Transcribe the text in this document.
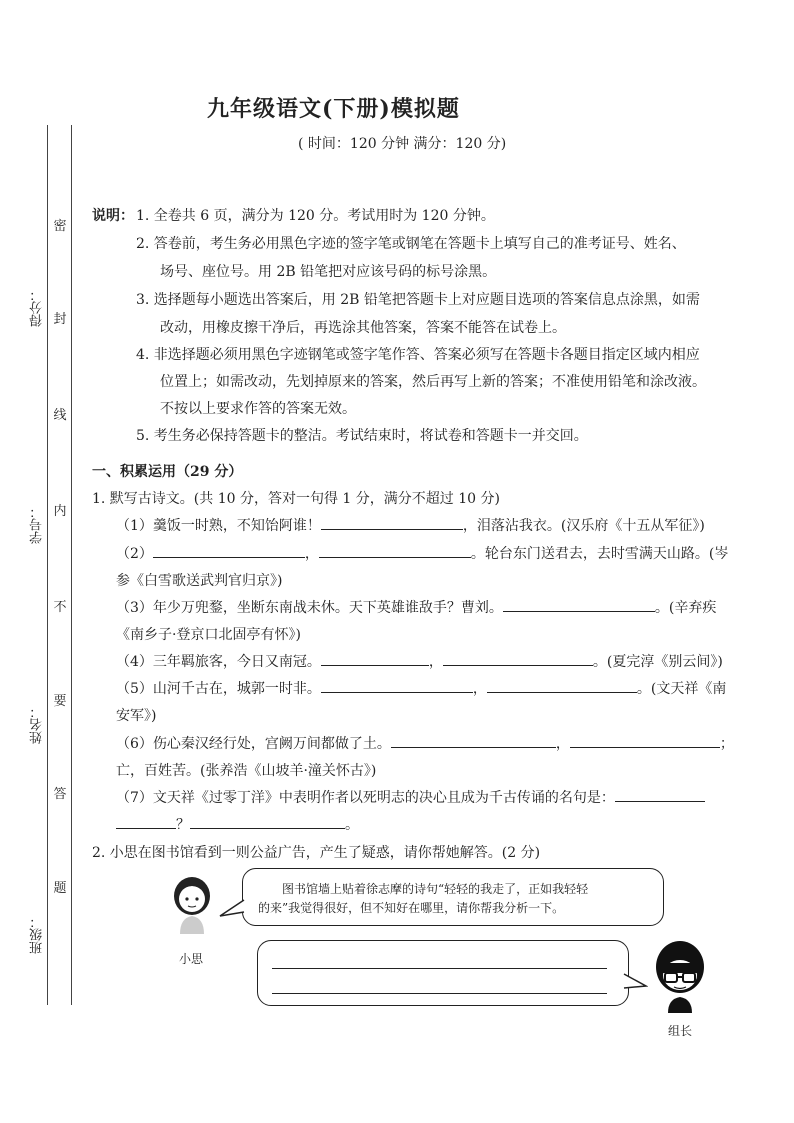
得分：
学号：
姓名：
班级：
密
封
线
内
不
要
答
题
九年级语文(下册)模拟题
( 时间：120 分钟 满分：120 分)
说明： 1. 全卷共 6 页，满分为 120 分。考试用时为 120 分钟。
2. 答卷前，考生务必用黑色字迹的签字笔或钢笔在答题卡上填写自己的准考证号、姓名、
场号、座位号。用 2B 铅笔把对应该号码的标号涂黑。
3. 选择题每小题选出答案后，用 2B 铅笔把答题卡上对应题目选项的答案信息点涂黑，如需
改动，用橡皮擦干净后，再选涂其他答案，答案不能答在试卷上。
4. 非选择题必须用黑色字迹钢笔或签字笔作答、答案必须写在答题卡各题目指定区域内相应
位置上；如需改动，先划掉原来的答案，然后再写上新的答案；不准使用铅笔和涂改液。
不按以上要求作答的答案无效。
5. 考生务必保持答题卡的整洁。考试结束时，将试卷和答题卡一并交回。
一、积累运用（29 分）
1. 默写古诗文。(共 10 分，答对一句得 1 分，满分不超过 10 分)
（1）羹饭一时熟，不知饴阿谁！	，泪落沾我衣。(汉乐府《十五从军征》)
（2）	，	。轮台东门送君去，去时雪满天山路。(岑
参《白雪歌送武判官归京》)
（3）年少万兜鍪，坐断东南战未休。天下英雄谁敌手？曹刘。	。(辛弃疾
《南乡子·登京口北固亭有怀》)
（4）三年羁旅客，今日又南冠。	，	。(夏完淳《别云间》)
（5）山河千古在，城郭一时非。	，	。(文天祥《南
安军》)
（6）伤心秦汉经行处，宫阙万间都做了土。	，	；
亡，百姓苦。(张养浩《山坡羊·潼关怀古》)
（7）文天祥《过零丁洋》中表明作者以死明志的决心且成为千古传诵的名句是：
？	。
2. 小思在图书馆看到一则公益广告，产生了疑惑，请你帮她解答。(2 分)
小思
图书馆墙上贴着徐志摩的诗句“轻轻的我走了，正如我轻轻
的来”我觉得很好，但不知好在哪里，请你帮我分析一下。
组长
